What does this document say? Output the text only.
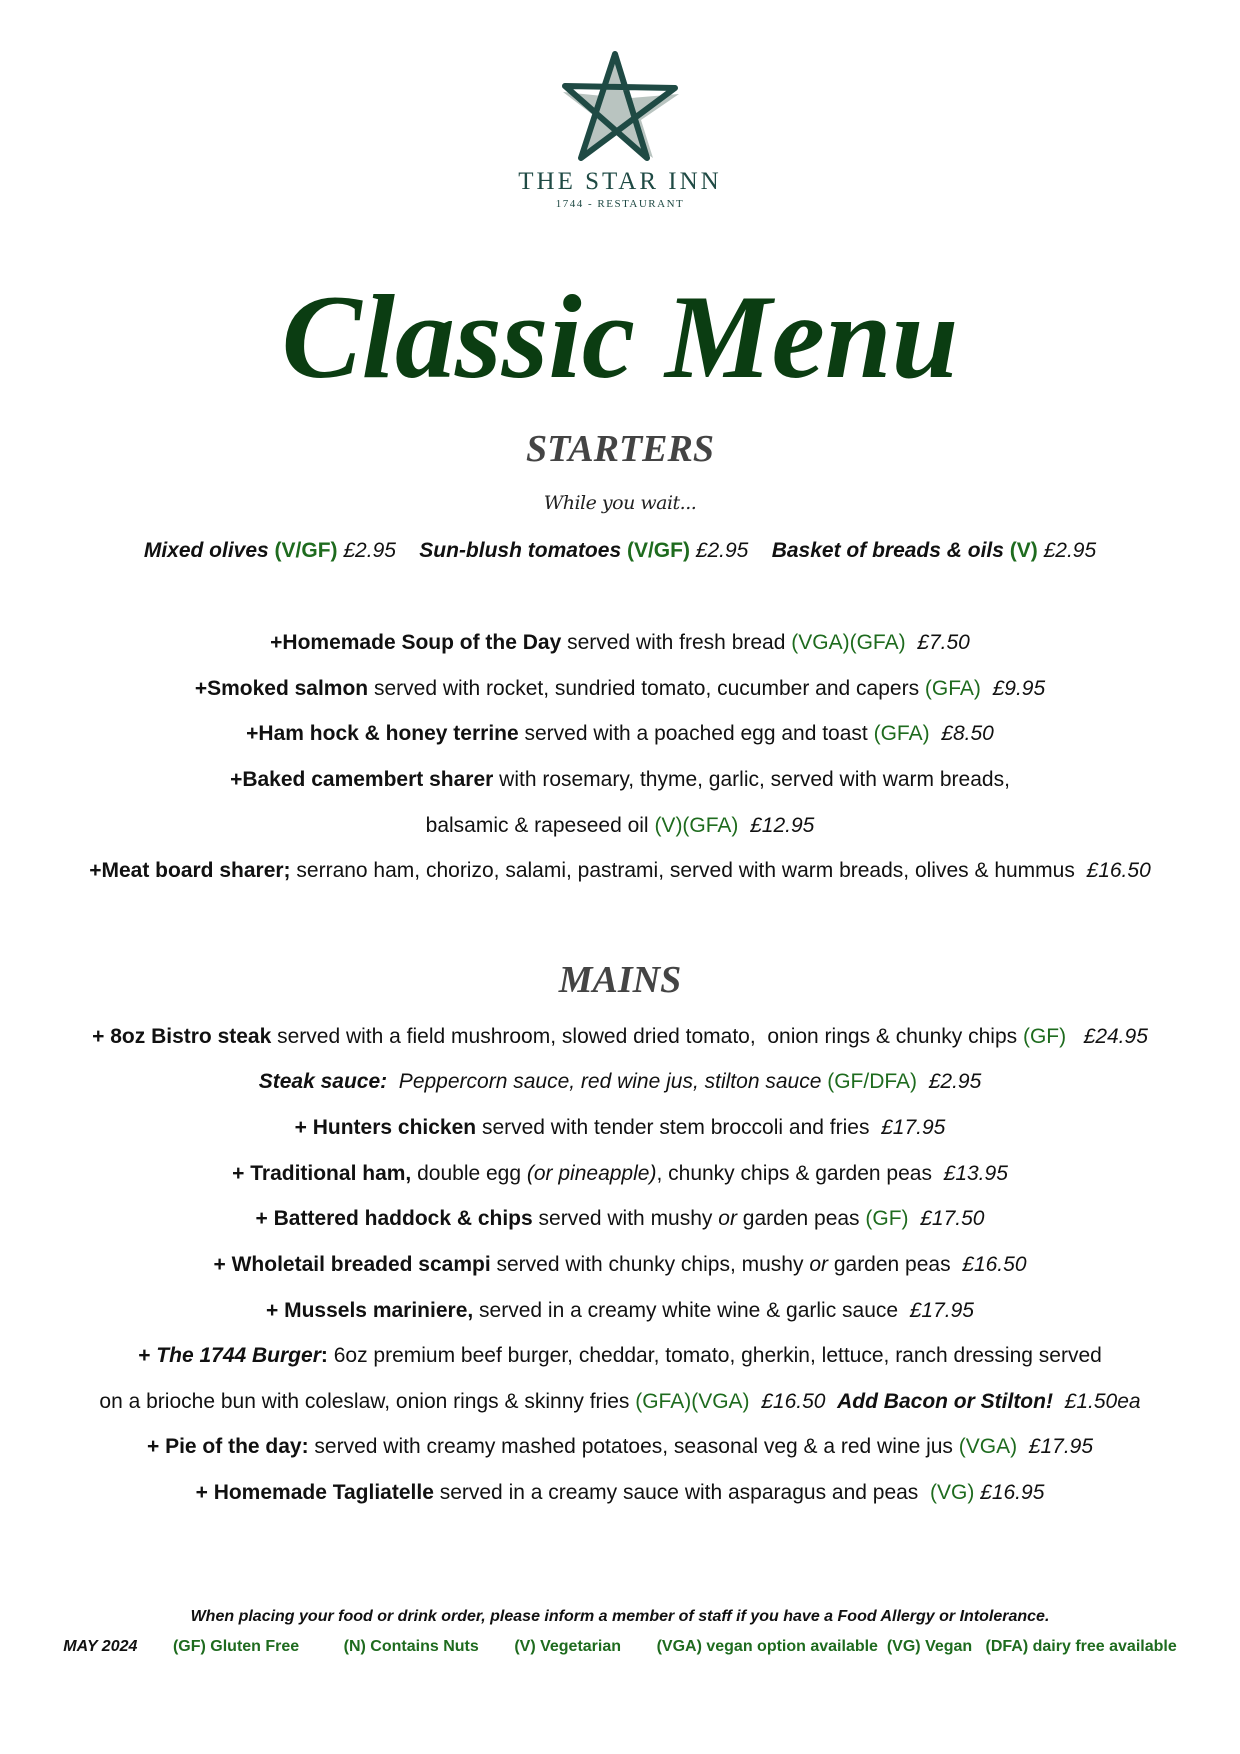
THE STAR INN
1744 - RESTAURANT
Classic Menu
STARTERS
While you wait...
Mixed olives (V/GF) £2.95    Sun-blush tomatoes (V/GF) £2.95    Basket of breads & oils (V) £2.95
+Homemade Soup of the Day served with fresh bread (VGA)(GFA)  £7.50
+Smoked salmon served with rocket, sundried tomato, cucumber and capers (GFA)  £9.95
+Ham hock & honey terrine served with a poached egg and toast (GFA)  £8.50
+Baked camembert sharer with rosemary, thyme, garlic, served with warm breads,
balsamic & rapeseed oil (V)(GFA)  £12.95
+Meat board sharer; serrano ham, chorizo, salami, pastrami, served with warm breads, olives & hummus  £16.50
MAINS
+ 8oz Bistro steak served with a field mushroom, slowed dried tomato,  onion rings & chunky chips (GF)   £24.95
Steak sauce:  Peppercorn sauce, red wine jus, stilton sauce (GF/DFA)  £2.95
+ Hunters chicken served with tender stem broccoli and fries  £17.95
+ Traditional ham, double egg (or pineapple), chunky chips & garden peas  £13.95
+ Battered haddock & chips served with mushy or garden peas (GF)  £17.50
+ Wholetail breaded scampi served with chunky chips, mushy or garden peas  £16.50
+ Mussels mariniere, served in a creamy white wine & garlic sauce  £17.95
+ The 1744 Burger: 6oz premium beef burger, cheddar, tomato, gherkin, lettuce, ranch dressing served
on a brioche bun with coleslaw, onion rings & skinny fries (GFA)(VGA)  £16.50  Add Bacon or Stilton!  £1.50ea
+ Pie of the day: served with creamy mashed potatoes, seasonal veg & a red wine jus (VGA)  £17.95
+ Homemade Tagliatelle served in a creamy sauce with asparagus and peas  (VG) £16.95
When placing your food or drink order, please inform a member of staff if you have a Food Allergy or Intolerance.
MAY 2024        (GF) Gluten Free          (N) Contains Nuts        (V) Vegetarian        (VGA) vegan option available  (VG) Vegan   (DFA) dairy free available
